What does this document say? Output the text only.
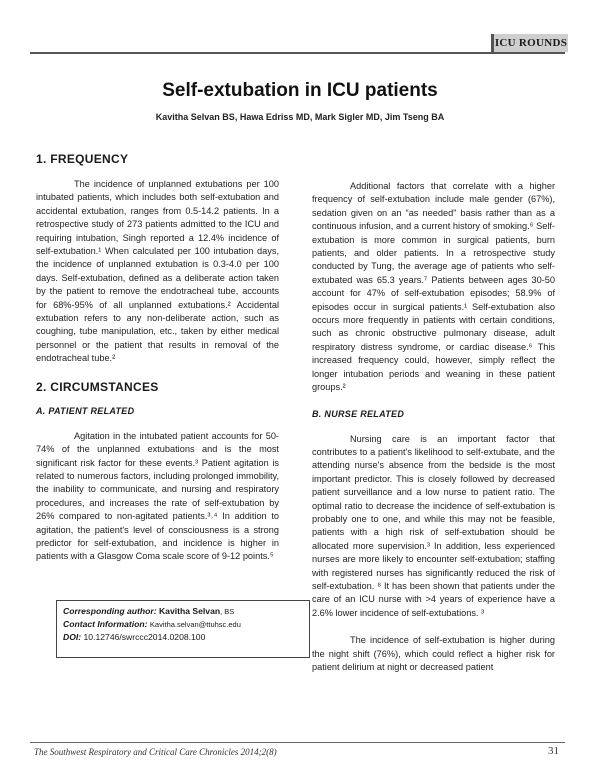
ICU ROUNDS
Self-extubation in ICU patients
Kavitha Selvan BS, Hawa Edriss MD, Mark Sigler MD, Jim Tseng BA
1. FREQUENCY

The incidence of unplanned extubations per 100 intubated patients, which includes both self-extubation and accidental extubation, ranges from 0.5-14.2 patients. In a retrospective study of 273 patients admitted to the ICU and requiring intubation, Singh reported a 12.4% incidence of self-extubation.¹ When calculated per 100 intubation days, the incidence of unplanned extubation is 0.3-4.0 per 100 days. Self-extubation, defined as a deliberate action taken by the patient to remove the endotracheal tube, accounts for 68%-95% of all unplanned extubations.² Accidental extubation refers to any non-deliberate action, such as coughing, tube manipulation, etc., taken by either medical personnel or the patient that results in removal of the endotracheal tube.²

2. CIRCUMSTANCES
A. PATIENT RELATED

Agitation in the intubated patient accounts for 50-74% of the unplanned extubations and is the most significant risk factor for these events.³ Patient agitation is related to numerous factors, including prolonged immobility, the inability to communicate, and nursing and respiratory procedures, and increases the rate of self-extubation by 26% compared to non-agitated patients.³˒⁴ In addition to agitation, the patient's level of consciousness is a strong predictor for self-extubation, and incidence is higher in patients with a Glasgow Coma scale score of 9-12 points.⁵

Corresponding author: Kavitha Selvan, BS
Contact Information: Kavitha.selvan@ttuhsc.edu
DOI: 10.12746/swrccc2014.0208.100

Additional factors that correlate with a higher frequency of self-extubation include male gender (67%), sedation given on an “as needed” basis rather than as a continuous infusion, and a current history of smoking.⁶ Self-extubation is more common in surgical patients, burn patients, and older patients. In a retrospective study conducted by Tung, the average age of patients who self-extubated was 65.3 years.⁷ Patients between ages 30-50 account for 47% of self-extubation episodes; 58.9% of episodes occur in surgical patients.¹ Self-extubation also occurs more frequently in patients with certain conditions, such as chronic obstructive pulmonary disease, adult respiratory distress syndrome, or cardiac disease.⁶ This increased frequency could, however, simply reflect the longer intubation periods and weaning in these patient groups.²

B. NURSE RELATED

Nursing care is an important factor that contributes to a patient's likelihood to self-extubate, and the attending nurse's absence from the bedside is the most important predictor. This is closely followed by decreased patient surveillance and a low nurse to patient ratio. The optimal ratio to decrease the incidence of self-extubation is probably one to one, and while this may not be feasible, patients with a high risk of self-extubation should be allocated more supervision.³ In addition, less experienced nurses are more likely to encounter self-extubation; staffing with registered nurses has significantly reduced the risk of self-extubation. ⁸ It has been shown that patients under the care of an ICU nurse with >4 years of experience have a 2.6% lower incidence of self-extubations. ³

The incidence of self-extubation is higher during the night shift (76%), which could reflect a higher risk for patient delirium at night or decreased patient

The Southwest Respiratory and Critical Care Chronicles 2014;2(8)	31
